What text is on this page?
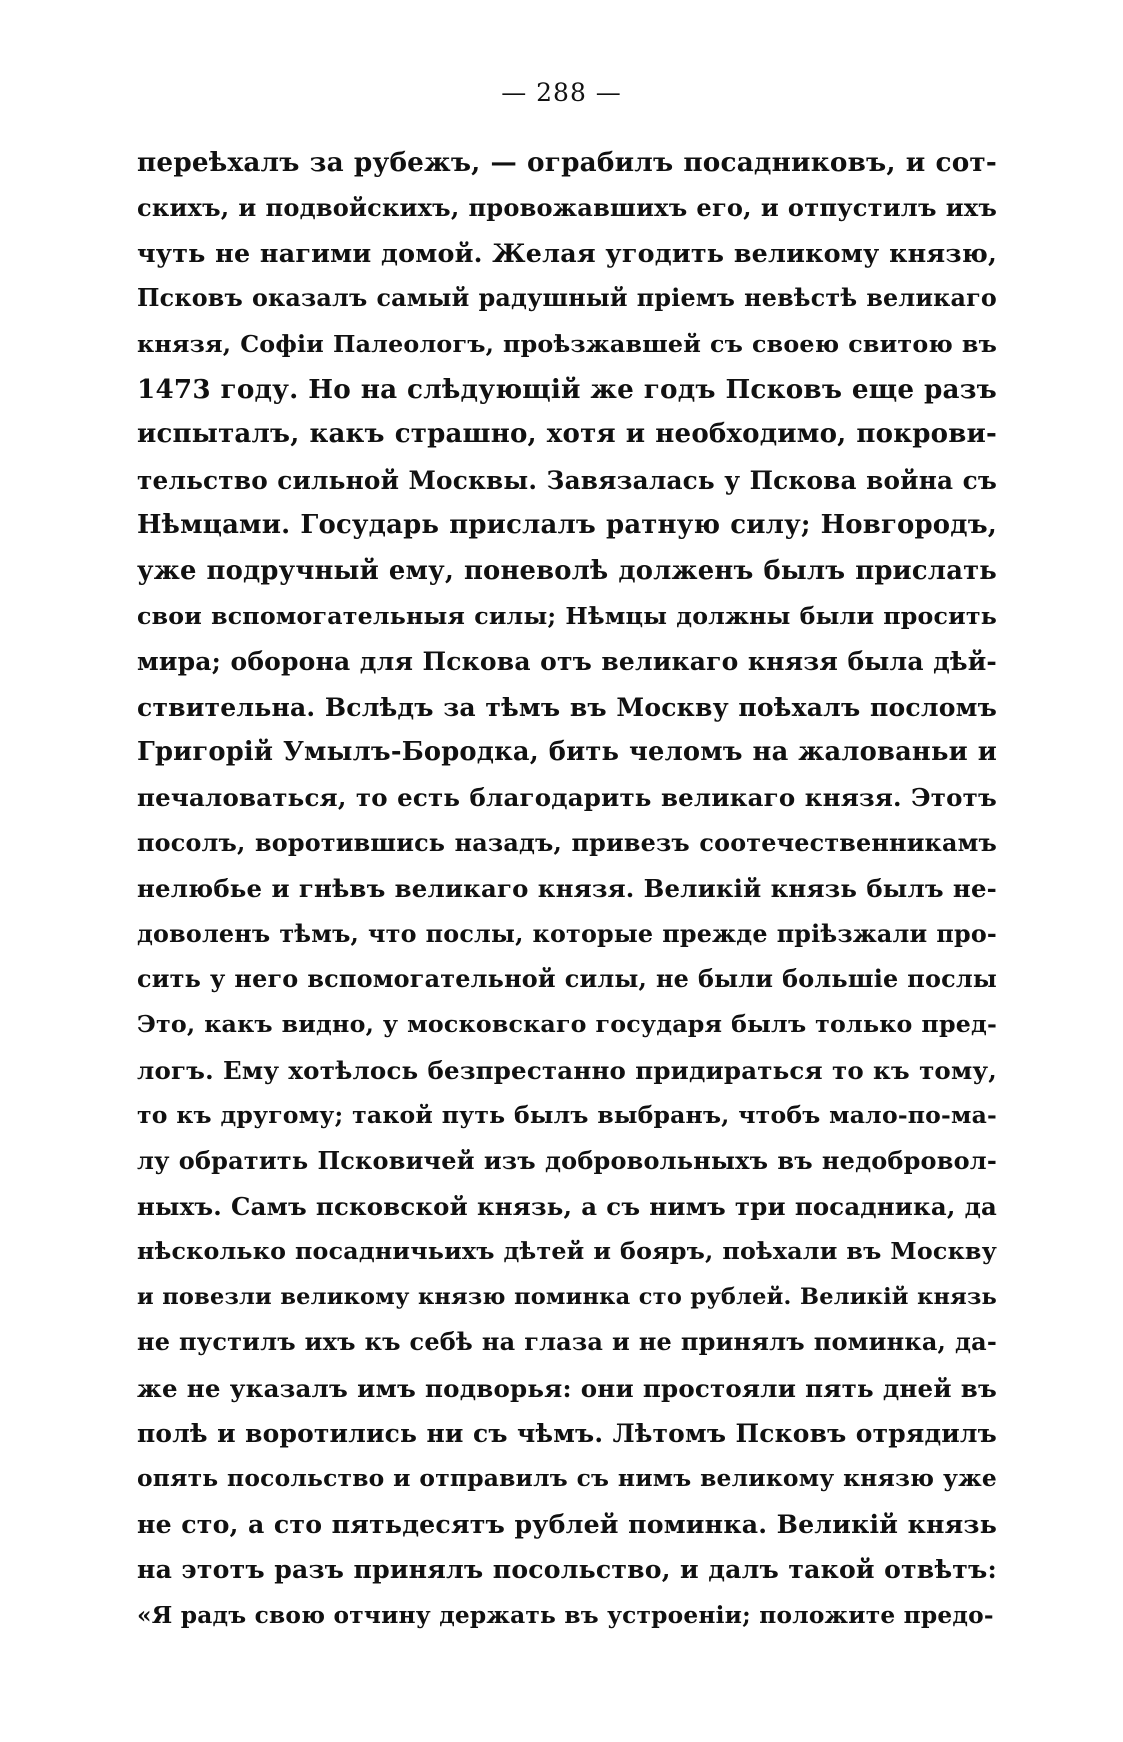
— 288 —
переѣхалъ за рубежъ, — ограбилъ посадниковъ, и сот-
скихъ, и подвойскихъ, провожавшихъ его, и отпустилъ ихъ
чуть не нагими домой. Желая угодить великому князю,
Псковъ оказалъ самый радушный пріемъ невѣстѣ великаго
князя, Софіи Палеологъ, проѣзжавшей съ своею свитою въ
1473 году. Но на слѣдующій же годъ Псковъ еще разъ
испыталъ, какъ страшно, хотя и необходимо, покрови-
тельство сильной Москвы. Завязалась у Пскова война съ
Нѣмцами. Государь прислалъ ратную силу; Новгородъ,
уже подручный ему, поневолѣ долженъ былъ прислать
свои вспомогательныя силы; Нѣмцы должны были просить
мира; оборона для Пскова отъ великаго князя была дѣй-
ствительна. Вслѣдъ за тѣмъ въ Москву поѣхалъ посломъ
Григорій Умылъ-Бородка, бить челомъ на жалованьи и
печаловаться, то есть благодарить великаго князя. Этотъ
посолъ, воротившись назадъ, привезъ соотечественникамъ
нелюбье и гнѣвъ великаго князя. Великій князь былъ не-
доволенъ тѣмъ, что послы, которые прежде пріѣзжали про-
сить у него вспомогательной силы, не были большіе послы
Это, какъ видно, у московскаго государя былъ только пред-
логъ. Ему хотѣлось безпрестанно придираться то къ тому,
то къ другому; такой путь былъ выбранъ, чтобъ мало-по-ма-
лу обратить Псковичей изъ добровольныхъ въ недобровол-
ныхъ. Самъ псковской князь, а съ нимъ три посадника, да
нѣсколько посадничьихъ дѣтей и бояръ, поѣхали въ Москву
и повезли великому князю поминка сто рублей. Великій князь
не пустилъ ихъ къ себѣ на глаза и не принялъ поминка, да-
же не указалъ имъ подворья: они простояли пять дней въ
полѣ и воротились ни съ чѣмъ. Лѣтомъ Псковъ отрядилъ
опять посольство и отправилъ съ нимъ великому князю уже
не сто, а сто пятьдесятъ рублей поминка. Великій князь
на этотъ разъ принялъ посольство, и далъ такой отвѣтъ:
«Я радъ свою отчину держать въ устроеніи; положите предо-
